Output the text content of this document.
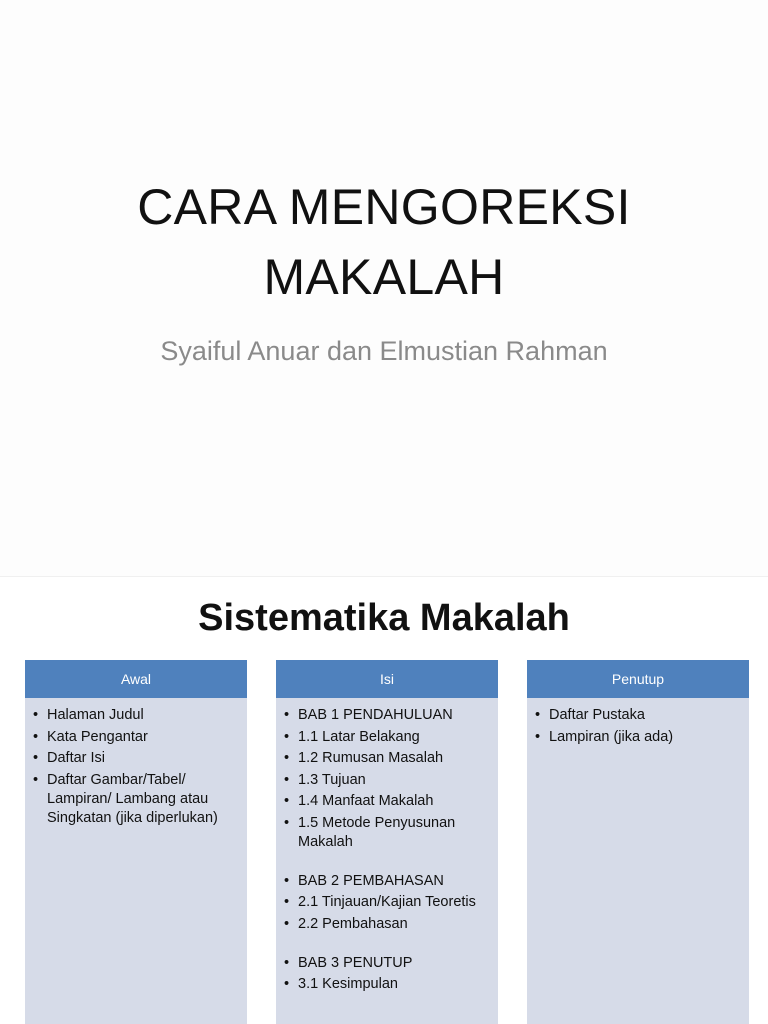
CARA MENGOREKSI
MAKALAH
Syaiful Anuar dan Elmustian Rahman
Sistematika Makalah
Awal
• Halaman Judul
• Kata Pengantar
• Daftar Isi
• Daftar Gambar/Tabel/ Lampiran/ Lambang atau Singkatan (jika diperlukan)
Isi
• BAB 1 PENDAHULUAN
• 1.1 Latar Belakang
• 1.2 Rumusan Masalah
• 1.3 Tujuan
• 1.4 Manfaat Makalah
• 1.5 Metode Penyusunan Makalah
• BAB 2 PEMBAHASAN
• 2.1 Tinjauan/Kajian Teoretis
• 2.2 Pembahasan
• BAB 3 PENUTUP
• 3.1 Kesimpulan
Penutup
• Daftar Pustaka
• Lampiran (jika ada)
